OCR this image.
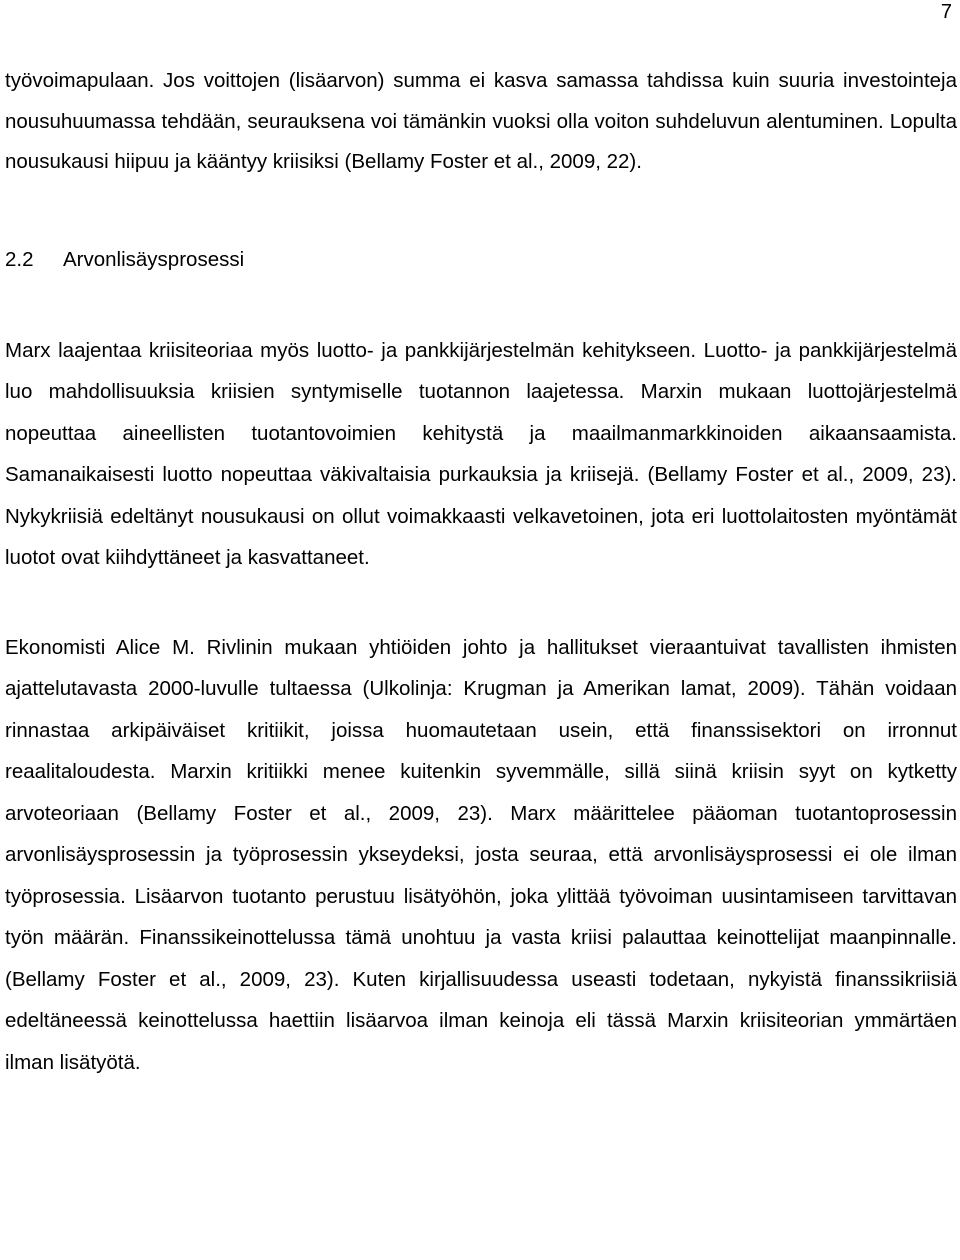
7

työvoimapulaan. Jos voittojen (lisäarvon) summa ei kasva samassa tahdissa kuin suuria investointeja nousuhuumassa tehdään, seurauksena voi tämänkin vuoksi olla voiton suhdeluvun alentuminen. Lopulta nousukausi hiipuu ja kääntyy kriisiksi (Bellamy Foster et al., 2009, 22).

2.2 Arvonlisäysprosessi

Marx laajentaa kriisiteoriaa myös luotto- ja pankkijärjestelmän kehitykseen. Luotto- ja pankkijärjestelmä luo mahdollisuuksia kriisien syntymiselle tuotannon laajetessa. Marxin mukaan luottojärjestelmä nopeuttaa aineellisten tuotantovoimien kehitystä ja maailmanmarkkinoiden aikaansaamista. Samanaikaisesti luotto nopeuttaa väkivaltaisia purkauksia ja kriisejä. (Bellamy Foster et al., 2009, 23). Nykykriisiä edeltänyt nousukausi on ollut voimakkaasti velkavetoinen, jota eri luottolaitosten myöntämät luotot ovat kiihdyttäneet ja kasvattaneet.

Ekonomisti Alice M. Rivlinin mukaan yhtiöiden johto ja hallitukset vieraantuivat tavallisten ihmisten ajattelutavasta 2000-luvulle tultaessa (Ulkolinja: Krugman ja Amerikan lamat, 2009). Tähän voidaan rinnastaa arkipäiväiset kritiikit, joissa huomautetaan usein, että finanssisektori on irronnut reaalitaloudesta. Marxin kritiikki menee kuitenkin syvemmälle, sillä siinä kriisin syyt on kytketty arvoteoriaan (Bellamy Foster et al., 2009, 23). Marx määrittelee pääoman tuotantoprosessin arvonlisäysprosessin ja työprosessin ykseydeksi, josta seuraa, että arvonlisäysprosessi ei ole ilman työprosessia. Lisäarvon tuotanto perustuu lisätyöhön, joka ylittää työvoiman uusintamiseen tarvittavan työn määrän. Finanssikeinottelussa tämä unohtuu ja vasta kriisi palauttaa keinottelijat maanpinnalle. (Bellamy Foster et al., 2009, 23). Kuten kirjallisuudessa useasti todetaan, nykyistä finanssikriisiä edeltäneessä keinottelussa haettiin lisäarvoa ilman keinoja eli tässä Marxin kriisiteorian ymmärtäen ilman lisätyötä.
